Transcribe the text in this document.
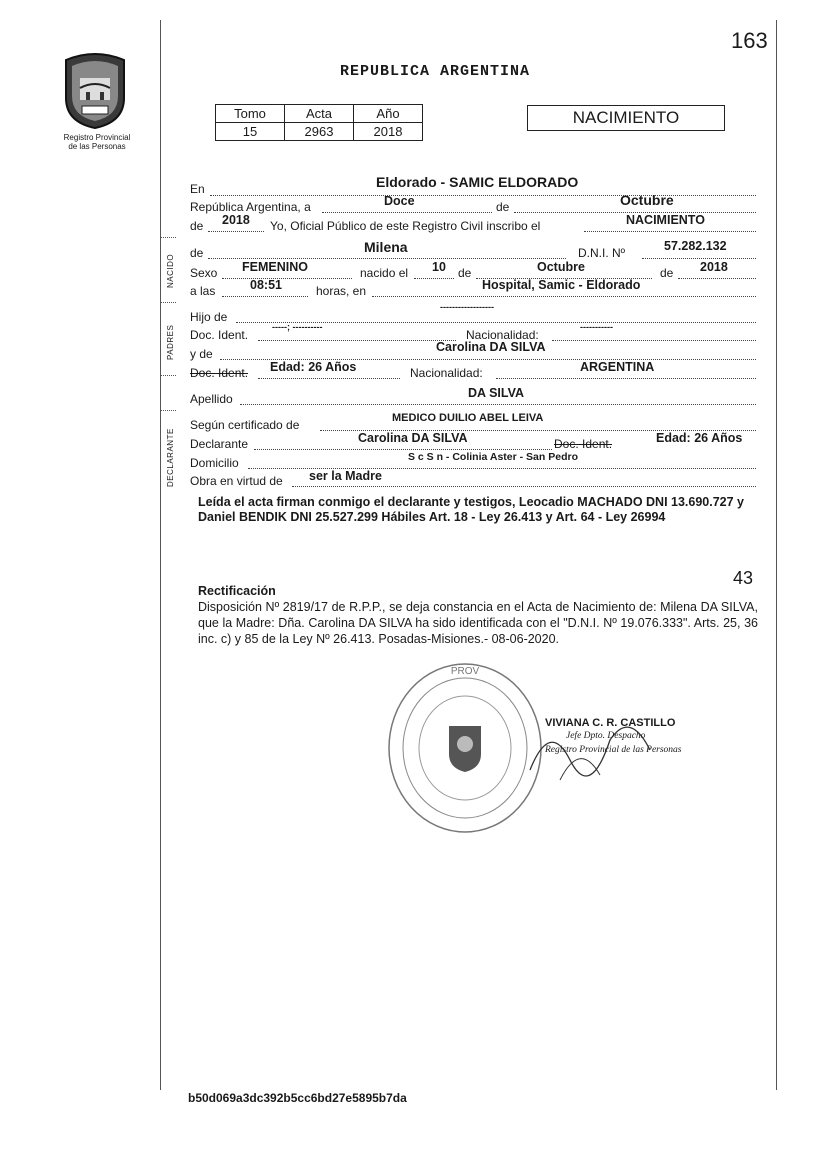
163
Registro Provincial
de las Personas
REPUBLICA ARGENTINA
Tomo	Acta	Año
15	2963	2018
NACIMIENTO
NACIDO
PADRES
DECLARANTE
En	Eldorado - SAMIC ELDORADO
República Argentina, a	Doce	de	Octubre
de 2018 Yo, Oficial Público de este Registro Civil inscribo el	NACIMIENTO
de	Milena	D.N.I. Nº	57.282.132
Sexo FEMENINO	nacido el 10 de	Octubre	de 2018
a las	08:51	horas, en	Hospital, Samic - Eldorado
Hijo de
------------------
Doc. Ident.
-----; ----------
Nacionalidad:
-----------
y de	Carolina DA SILVA
Doc. Ident. Edad: 26 Años	Nacionalidad:	ARGENTINA
Apellido	DA SILVA
Según certificado de	MEDICO DUILIO ABEL LEIVA
Declarante	Carolina DA SILVA	Doc. Ident.	Edad: 26 Años
Domicilio	S c S n - Colinia Aster - San Pedro
Obra en virtud de ser la Madre
Leída el acta firman conmigo el declarante y testigos, Leocadio MACHADO DNI 13.690.727 y Daniel BENDIK DNI 25.527.299 Hábiles Art. 18 - Ley 26.413 y Art. 64 - Ley 26994
43
Rectificación
Disposición Nº 2819/17 de R.P.P., se deja constancia en el Acta de Nacimiento de: Milena DA SILVA, que la Madre: Dña. Carolina DA SILVA ha sido identificada con el "D.N.I. Nº 19.076.333". Arts. 25, 36 inc. c) y 85 de la Ley Nº 26.413. Posadas-Misiones.- 08-06-2020.
PROV
VIVIANA C. R. CASTILLO
Jefe Dpto. Despacho
Registro Provincial de las Personas
b50d069a3dc392b5cc6bd27e5895b7da
